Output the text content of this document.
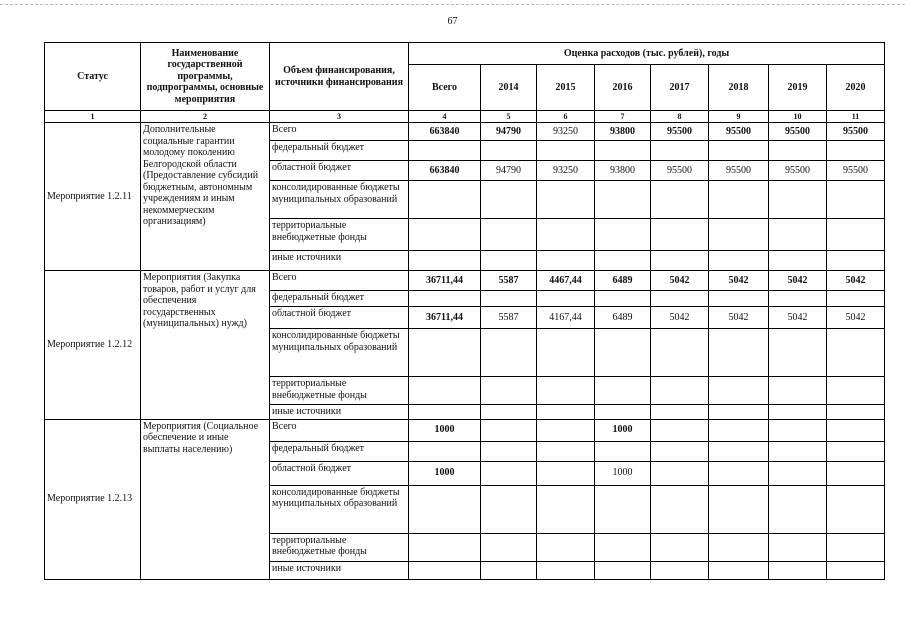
67
Статус	Наименование государственной программы, подпрограммы, основные мероприятия	Объем финансирования, источники финансирования	Оценка расходов (тыс. рублей), годы							
			Всего	2014	2015	2016	2017	2018	2019	2020
1	2	3	4	5	6	7	8	9	10	11
Мероприятие 1.2.11	Дополнительные социальные гарантии молодому поколению Белгородской области (Предоставление субсидий бюджетным, автономным учреждениям и иным некоммерческим организациям)	Всего	663840	94790	93250	93800	95500	95500	95500	95500
		федеральный бюджет								
		областной бюджет	663840	94790	93250	93800	95500	95500	95500	95500
		консолидированные бюджеты муниципальных образований								
		территориальные внебюджетные фонды								
		иные источники								
Мероприятие 1.2.12	Мероприятия (Закупка товаров, работ и услуг для обеспечения государственных (муниципальных) нужд)	Всего	36711,44	5587	4467,44	6489	5042	5042	5042	5042
		федеральный бюджет								
		областной бюджет	36711,44	5587	4167,44	6489	5042	5042	5042	5042
		консолидированные бюджеты муниципальных образований								
		территориальные внебюджетные фонды								
		иные источники								
Мероприятие 1.2.13	Мероприятия (Социальное обеспечение и иные выплаты населению)	Всего	1000			1000				
		федеральный бюджет								
		областной бюджет	1000			1000				
		консолидированные бюджеты муниципальных образований								
		территориальные внебюджетные фонды								
		иные источники								
